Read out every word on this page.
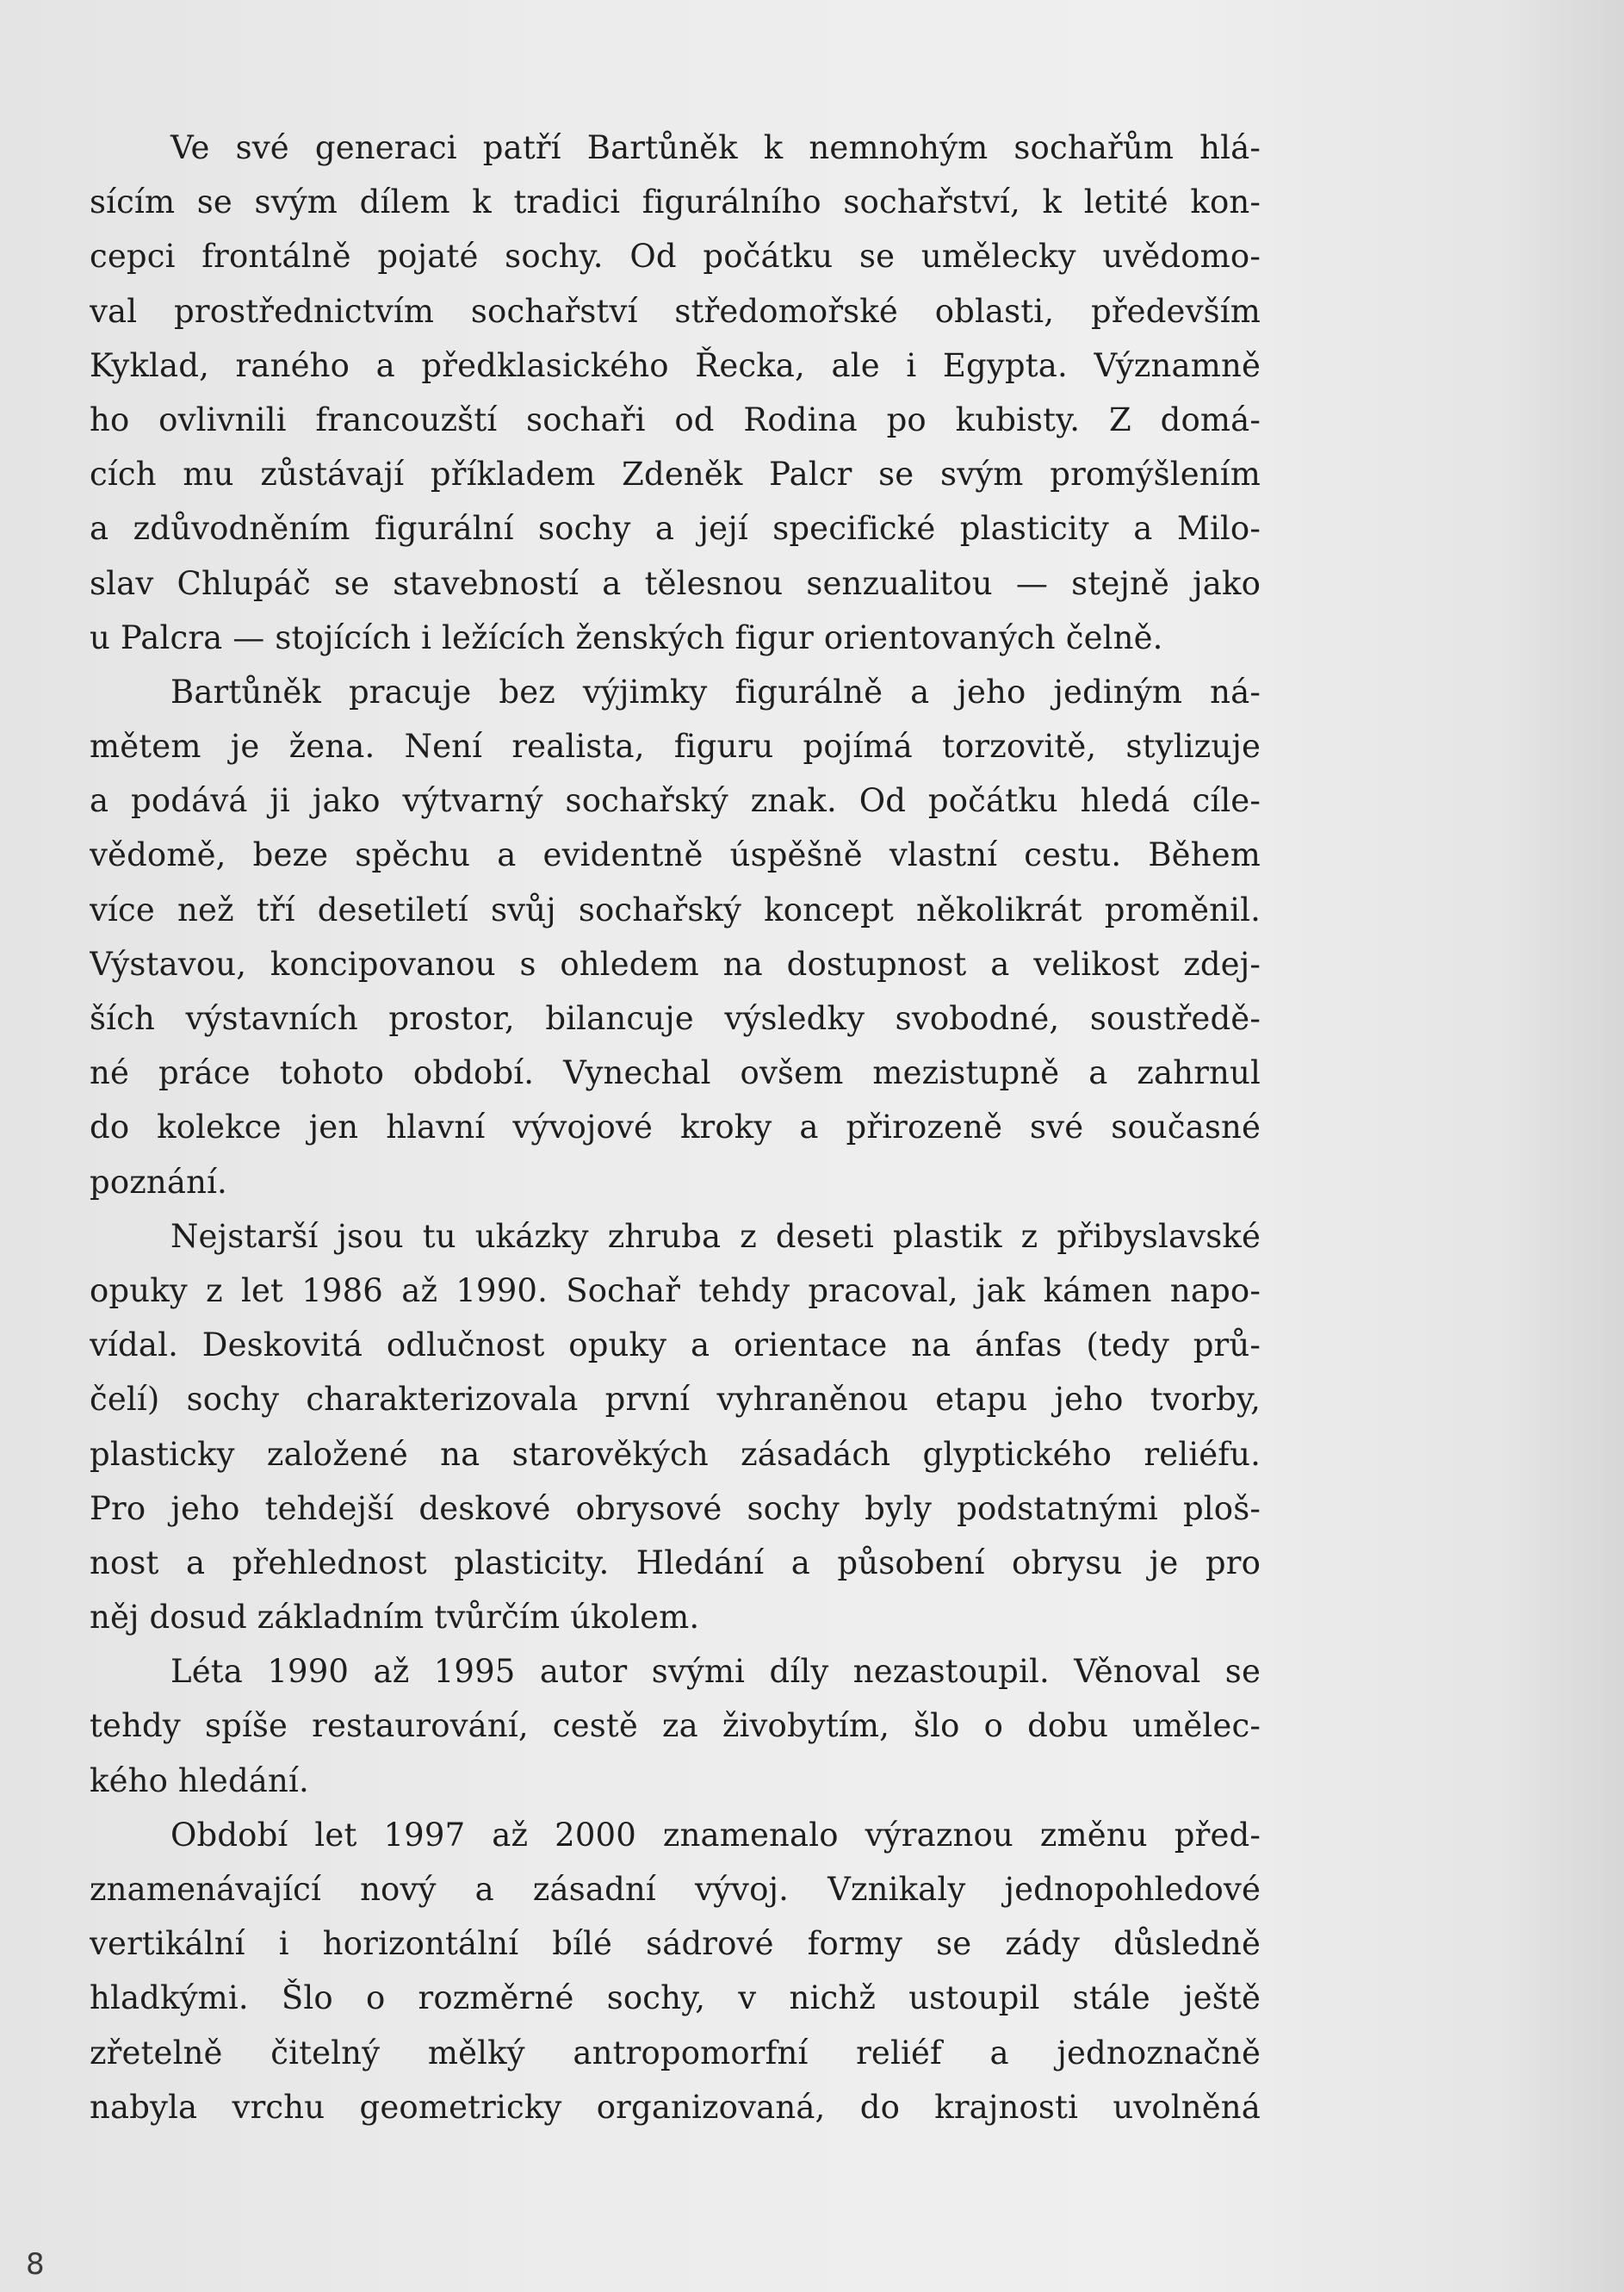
Ve své generaci patří Bartůněk k nemnohým sochařům hlá-
sícím se svým dílem k tradici figurálního sochařství, k letité kon-
cepci frontálně pojaté sochy. Od počátku se umělecky uvědomo-
val prostřednictvím sochařství středomořské oblasti, především
Kyklad, raného a předklasického Řecka, ale i Egypta. Významně
ho ovlivnili francouzští sochaři od Rodina po kubisty. Z domá-
cích mu zůstávají příkladem Zdeněk Palcr se svým promýšlením
a zdůvodněním figurální sochy a její specifické plasticity a Milo-
slav Chlupáč se stavebností a tělesnou senzualitou — stejně jako
u Palcra — stojících i ležících ženských figur orientovaných čelně.
Bartůněk pracuje bez výjimky figurálně a jeho jediným ná-
mětem je žena. Není realista, figuru pojímá torzovitě, stylizuje
a podává ji jako výtvarný sochařský znak. Od počátku hledá cíle-
vědomě, beze spěchu a evidentně úspěšně vlastní cestu. Během
více než tří desetiletí svůj sochařský koncept několikrát proměnil.
Výstavou, koncipovanou s ohledem na dostupnost a velikost zdej-
ších výstavních prostor, bilancuje výsledky svobodné, soustředě-
né práce tohoto období. Vynechal ovšem mezistupně a zahrnul
do kolekce jen hlavní vývojové kroky a přirozeně své současné
poznání.
Nejstarší jsou tu ukázky zhruba z deseti plastik z přibyslavské
opuky z let 1986 až 1990. Sochař tehdy pracoval, jak kámen napo-
vídal. Deskovitá odlučnost opuky a orientace na ánfas (tedy prů-
čelí) sochy charakterizovala první vyhraněnou etapu jeho tvorby,
plasticky založené na starověkých zásadách glyptického reliéfu.
Pro jeho tehdejší deskové obrysové sochy byly podstatnými ploš-
nost a přehlednost plasticity. Hledání a působení obrysu je pro
něj dosud základním tvůrčím úkolem.
Léta 1990 až 1995 autor svými díly nezastoupil. Věnoval se
tehdy spíše restaurování, cestě za živobytím, šlo o dobu umělec-
kého hledání.
Období let 1997 až 2000 znamenalo výraznou změnu před-
znamenávající nový a zásadní vývoj. Vznikaly jednopohledové
vertikální i horizontální bílé sádrové formy se zády důsledně
hladkými. Šlo o rozměrné sochy, v nichž ustoupil stále ještě
zřetelně čitelný mělký antropomorfní reliéf a jednoznačně
nabyla vrchu geometricky organizovaná, do krajnosti uvolněná
8
